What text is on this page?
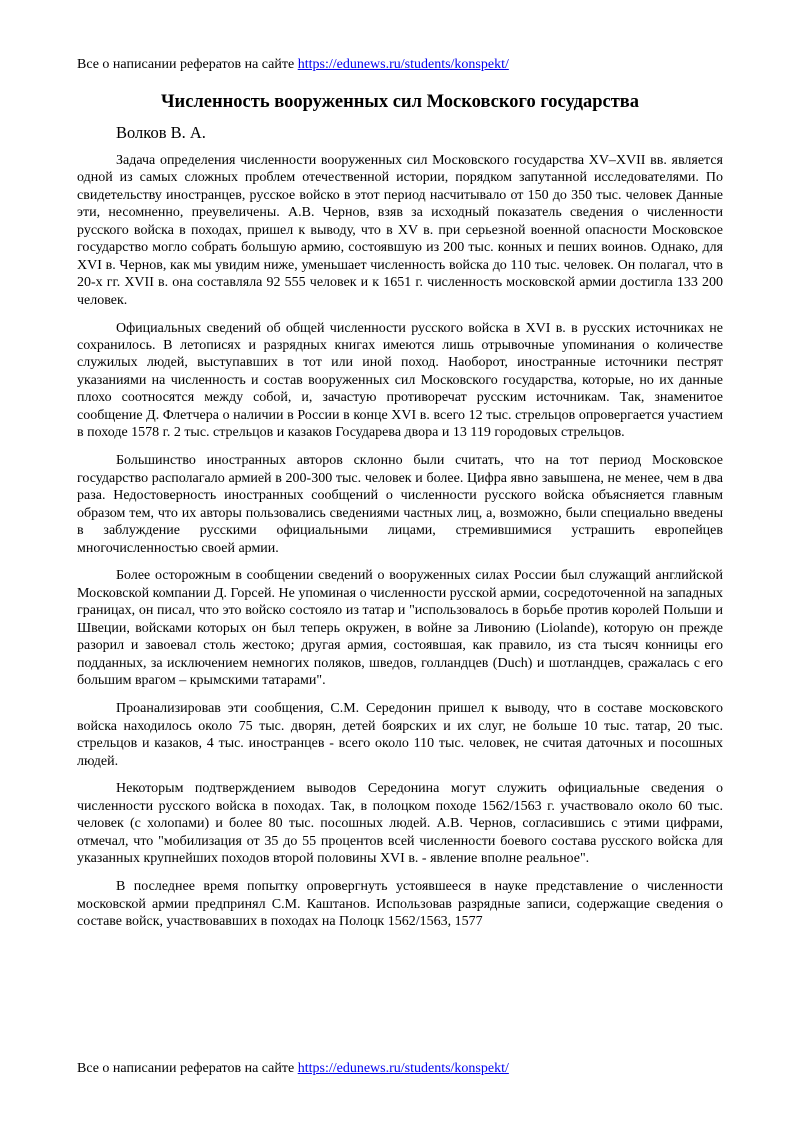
Все о написании рефератов на сайте https://edunews.ru/students/konspekt/
Численность вооруженных сил Московского государства
Волков В. А.

Задача определения численности вооруженных сил Московского государства XV–XVII вв. является одной из самых сложных проблем отечественной истории, порядком запутанной исследователями. По свидетельству иностранцев, русское войско в этот период насчитывало от 150 до 350 тыс. человек Данные эти, несомненно, преувеличены. А.В. Чернов, взяв за исходный показатель сведения о численности русского войска в походах, пришел к выводу, что в XV в. при серьезной военной опасности Московское государство могло собрать большую армию, состоявшую из 200 тыс. конных и пеших воинов. Однако, для XVI в. Чернов, как мы увидим ниже, уменьшает численность войска до 110 тыс. человек. Он полагал, что в 20-х гг. XVII в. она составляла 92 555 человек и к 1651 г. численность московской армии достигла 133 200 человек.

Официальных сведений об общей численности русского войска в XVI в. в русских источниках не сохранилось. В летописях и разрядных книгах имеются лишь отрывочные упоминания о количестве служилых людей, выступавших в тот или иной поход. Наоборот, иностранные источники пестрят указаниями на численность и состав вооруженных сил Московского государства, которые, но их данные плохо соотносятся между собой, и, зачастую противоречат русским источникам. Так, знаменитое сообщение Д. Флетчера о наличии в России в конце XVI в. всего 12 тыс. стрельцов опровергается участием в походе 1578 г. 2 тыс. стрельцов и казаков Государева двора и 13 119 городовых стрельцов.

Большинство иностранных авторов склонно были считать, что на тот период Московское государство располагало армией в 200-300 тыс. человек и более. Цифра явно завышена, не менее, чем в два раза. Недостоверность иностранных сообщений о численности русского войска объясняется главным образом тем, что их авторы пользовались сведениями частных лиц, а, возможно, были специально введены в заблуждение русскими официальными лицами, стремившимися устрашить европейцев многочисленностью своей армии.

Более осторожным в сообщении сведений о вооруженных силах России был служащий английской Московской компании Д. Горсей. Не упоминая о численности русской армии, сосредоточенной на западных границах, он писал, что это войско состояло из татар и "использовалось в борьбе против королей Польши и Швеции, войсками которых он был теперь окружен, в войне за Ливонию (Liolande), которую он прежде разорил и завоевал столь жестоко; другая армия, состоявшая, как правило, из ста тысяч конницы его подданных, за исключением немногих поляков, шведов, голландцев (Duch) и шотландцев, сражалась с его большим врагом – крымскими татарами".

Проанализировав эти сообщения, С.М. Середонин пришел к выводу, что в составе московского войска находилось около 75 тыс. дворян, детей боярских и их слуг, не больше 10 тыс. татар, 20 тыс. стрельцов и казаков, 4 тыс. иностранцев - всего около 110 тыс. человек, не считая даточных и посошных людей.

Некоторым подтверждением выводов Середонина могут служить официальные сведения о численности русского войска в походах. Так, в полоцком походе 1562/1563 г. участвовало около 60 тыс. человек (с холопами) и более 80 тыс. посошных людей. А.В. Чернов, согласившись с этими цифрами, отмечал, что "мобилизация от 35 до 55 процентов всей численности боевого состава русского войска для указанных крупнейших походов второй половины XVI в. - явление вполне реальное".

В последнее время попытку опровергнуть устоявшееся в науке представление о численности московской армии предпринял С.М. Каштанов. Использовав разрядные записи, содержащие сведения о составе войск, участвовавших в походах на Полоцк 1562/1563, 1577

Все о написании рефератов на сайте https://edunews.ru/students/konspekt/
